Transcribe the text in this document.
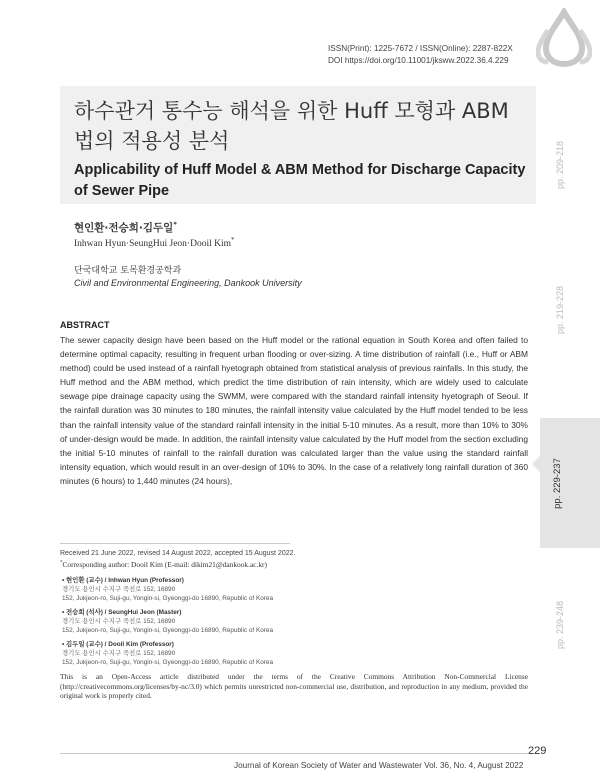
ISSN(Print): 1225-7672 / ISSN(Online): 2287-822X
DOI https://doi.org/10.11001/jksww.2022.36.4.229
하수관거 통수능 해석을 위한 Huff 모형과 ABM
법의 적용성 분석
Applicability of Huff Model & ABM Method for Discharge Capacity
of Sewer Pipe
현인환·전승희·김두일*
Inhwan Hyun·SeungHui Jeon·Dooil Kim*
단국대학교 토목환경공학과
Civil and Environmental Engineering, Dankook University
ABSTRACT
The sewer capacity design have been based on the Huff model or the rational equation in South Korea and often failed to determine optimal capacity, resulting in frequent urban flooding or over-sizing. A time distribution of rainfall (i.e., Huff or ABM method) could be used instead of a rainfall hyetograph obtained from statistical analysis of previous rainfalls. In this study, the Huff method and the ABM method, which predict the time distribution of rain intensity, which are widely used to calculate sewage pipe drainage capacity using the SWMM, were compared with the standard rainfall intensity hyetograph of Seoul. If the rainfall duration was 30 minutes to 180 minutes, the rainfall intensity value calculated by the Huff model tended to be less than the rainfall intensity value of the standard rainfall intensity in the initial 5-10 minutes. As a result, more than 10% to 30% of under-design would be made. In addition, the rainfall intensity value calculated by the Huff model from the section excluding the initial 5-10 minutes of rainfall to the rainfall duration was calculated larger than the value using the standard rainfall intensity equation, which would result in an over-design of 10% to 30%. In the case of a relatively long rainfall duration of 360 minutes (6 hours) to 1,440 minutes (24 hours),
Received 21 June 2022, revised 14 August 2022, accepted 15 August 2022.
*Corresponding author: Dooil Kim (E-mail: dikim21@dankook.ac.kr)
• 현인환 (교수) / Inhwan Hyun (Professor)
경기도 용인시 수지구 죽전로 152, 16890
152, Jukjeon-ro, Suji-gu, Yongin-si, Gyeonggi-do 16890, Republic of Korea
• 전승희 (석사) / SeungHui Jeon (Master)
경기도 용인시 수지구 죽전로 152, 16890
152, Jukjeon-ro, Suji-gu, Yongin-si, Gyeonggi-do 16890, Republic of Korea
• 김두일 (교수) / Dooil Kim (Professor)
경기도 용인시 수지구 죽전로 152, 16890
152, Jukjeon-ro, Suji-gu, Yongin-si, Gyeonggi-do 16890, Republic of Korea
This is an Open-Access article distributed under the terms of the Creative Commons Attribution Non-Commercial License (http://creativecommons.org/licenses/by-nc/3.0) which permits unrestricted non-commercial use, distribution, and reproduction in any medium, provided the original work is properly cited.
229
Journal of Korean Society of Water and Wastewater Vol. 36, No. 4, August 2022
pp. 209-218
pp. 219-228
pp. 229-237
pp. 239-248
